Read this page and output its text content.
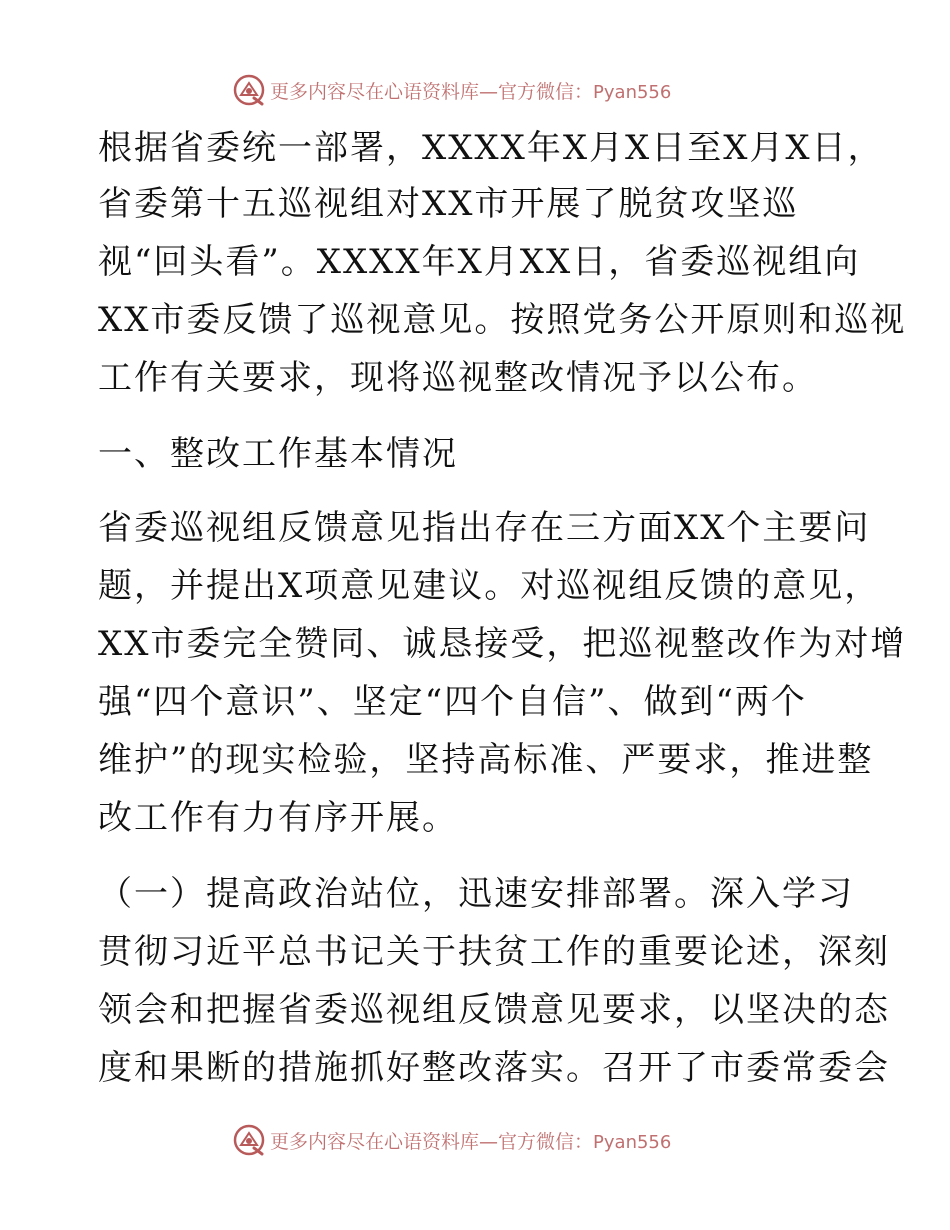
更多内容尽在心语资料库—官方微信：Pyan556
根据省委统一部署，XXXX年X月X日至X月X日，
省委第十五巡视组对XX市开展了脱贫攻坚巡
视“回头看”。XXXX年X月XX日，省委巡视组向
XX市委反馈了巡视意见。按照党务公开原则和巡视
工作有关要求，现将巡视整改情况予以公布。
一、整改工作基本情况
省委巡视组反馈意见指出存在三方面XX个主要问
题，并提出X项意见建议。对巡视组反馈的意见，
XX市委完全赞同、诚恳接受，把巡视整改作为对增
强“四个意识”、坚定“四个自信”、做到“两个
维护”的现实检验，坚持高标准、严要求，推进整
改工作有力有序开展。
（一）提高政治站位，迅速安排部署。深入学习
贯彻习近平总书记关于扶贫工作的重要论述，深刻
领会和把握省委巡视组反馈意见要求，以坚决的态
度和果断的措施抓好整改落实。召开了市委常委会
更多内容尽在心语资料库—官方微信：Pyan556
